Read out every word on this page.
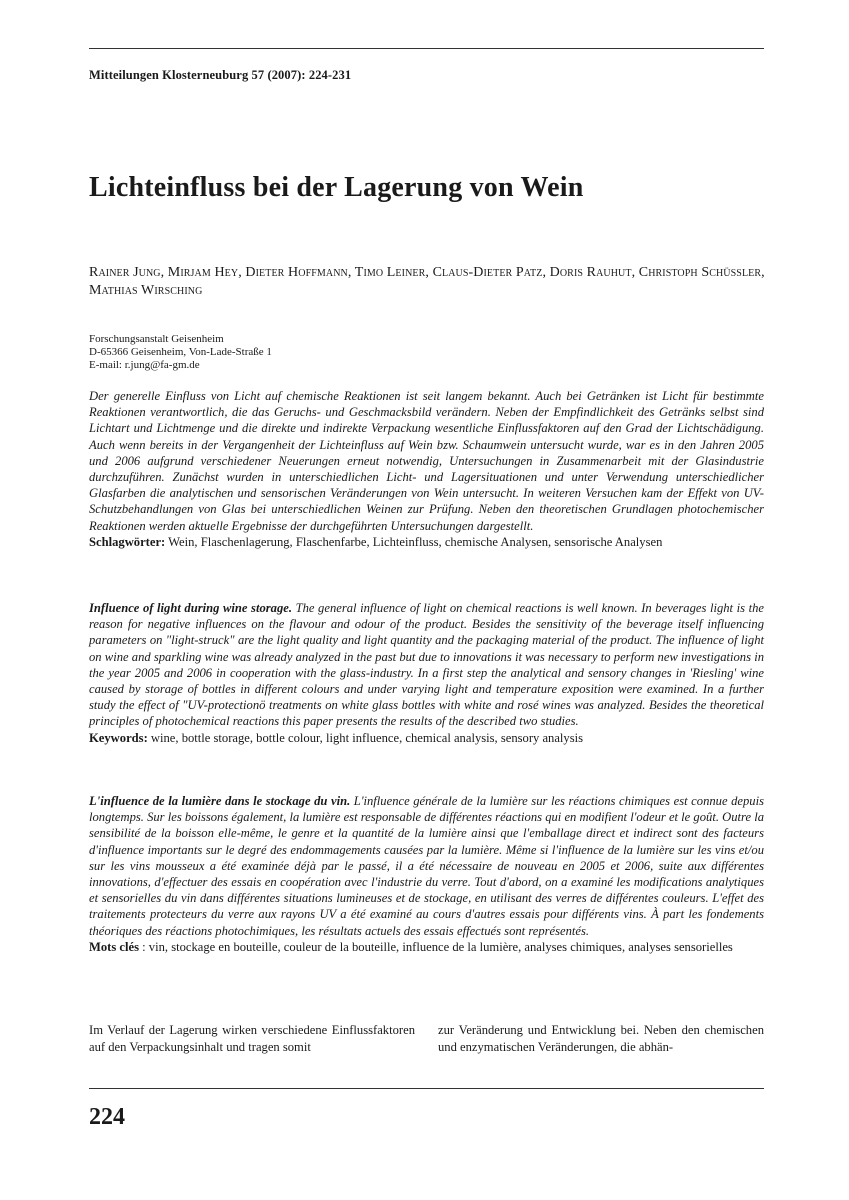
Mitteilungen Klosterneuburg 57 (2007): 224-231
Lichteinfluss bei der Lagerung von Wein
Rainer Jung, Mirjam Hey, Dieter Hoffmann, Timo Leiner, Claus-Dieter Patz, Doris Rauhut, Christoph Schüssler, Mathias Wirsching
Forschungsanstalt Geisenheim
D-65366 Geisenheim, Von-Lade-Straße 1
E-mail: r.jung@fa-gm.de
Der generelle Einfluss von Licht auf chemische Reaktionen ist seit langem bekannt. Auch bei Getränken ist Licht für bestimmte Reaktionen verantwortlich, die das Geruchs- und Geschmacksbild verändern. Neben der Empfindlichkeit des Getränks selbst sind Lichtart und Lichtmenge und die direkte und indirekte Verpackung wesentliche Einflussfaktoren auf den Grad der Lichtschädigung. Auch wenn bereits in der Vergangenheit der Lichteinfluss auf Wein bzw. Schaumwein untersucht wurde, war es in den Jahren 2005 und 2006 aufgrund verschiedener Neuerungen erneut notwendig, Untersuchungen in Zusammenarbeit mit der Glasindustrie durchzuführen. Zunächst wurden in unterschiedlichen Licht- und Lagersituationen und unter Verwendung unterschiedlicher Glasfarben die analytischen und sensorischen Veränderungen von Wein untersucht. In weiteren Versuchen kam der Effekt von UV-Schutzbehandlungen von Glas bei unterschiedlichen Weinen zur Prüfung. Neben den theoretischen Grundlagen photochemischer Reaktionen werden aktuelle Ergebnisse der durchgeführten Untersuchungen dargestellt.
Schlagwörter: Wein, Flaschenlagerung, Flaschenfarbe, Lichteinfluss, chemische Analysen, sensorische Analysen
Influence of light during wine storage. The general influence of light on chemical reactions is well known. In beverages light is the reason for negative influences on the flavour and odour of the product. Besides the sensitivity of the beverage itself influencing parameters on "light-struck" are the light quality and light quantity and the packaging material of the product. The influence of light on wine and sparkling wine was already analyzed in the past but due to innovations it was necessary to perform new investigations in the year 2005 and 2006 in cooperation with the glass-industry. In a first step the analytical and sensory changes in 'Riesling' wine caused by storage of bottles in different colours and under varying light and temperature exposition were examined. In a further study the effect of "UV-protectionö treatments on white glass bottles with white and rosé wines was analyzed. Besides the theoretical principles of photochemical reactions this paper presents the results of the described two studies.
Keywords: wine, bottle storage, bottle colour, light influence, chemical analysis, sensory analysis
L'influence de la lumière dans le stockage du vin. L'influence générale de la lumière sur les réactions chimiques est connue depuis longtemps. Sur les boissons également, la lumière est responsable de différentes réactions qui en modifient l'odeur et le goût. Outre la sensibilité de la boisson elle-même, le genre et la quantité de la lumière ainsi que l'emballage direct et indirect sont des facteurs d'influence importants sur le degré des endommagements causées par la lumière. Même si l'influence de la lumière sur les vins et/ou sur les vins mousseux a été examinée déjà par le passé, il a été nécessaire de nouveau en 2005 et 2006, suite aux différentes innovations, d'effectuer des essais en coopération avec l'industrie du verre. Tout d'abord, on a examiné les modifications analytiques et sensorielles du vin dans différentes situations lumineuses et de stockage, en utilisant des verres de différentes couleurs. L'effet des traitements protecteurs du verre aux rayons UV a été examiné au cours d'autres essais pour différents vins. À part les fondements théoriques des réactions photochimiques, les résultats actuels des essais effectués sont représentés.
Mots clés : vin, stockage en bouteille, couleur de la bouteille, influence de la lumière, analyses chimiques, analyses sensorielles
Im Verlauf der Lagerung wirken verschiedene Einflussfaktoren auf den Verpackungsinhalt und tragen somit
zur Veränderung und Entwicklung bei. Neben den chemischen und enzymatischen Veränderungen, die abhän-
224
